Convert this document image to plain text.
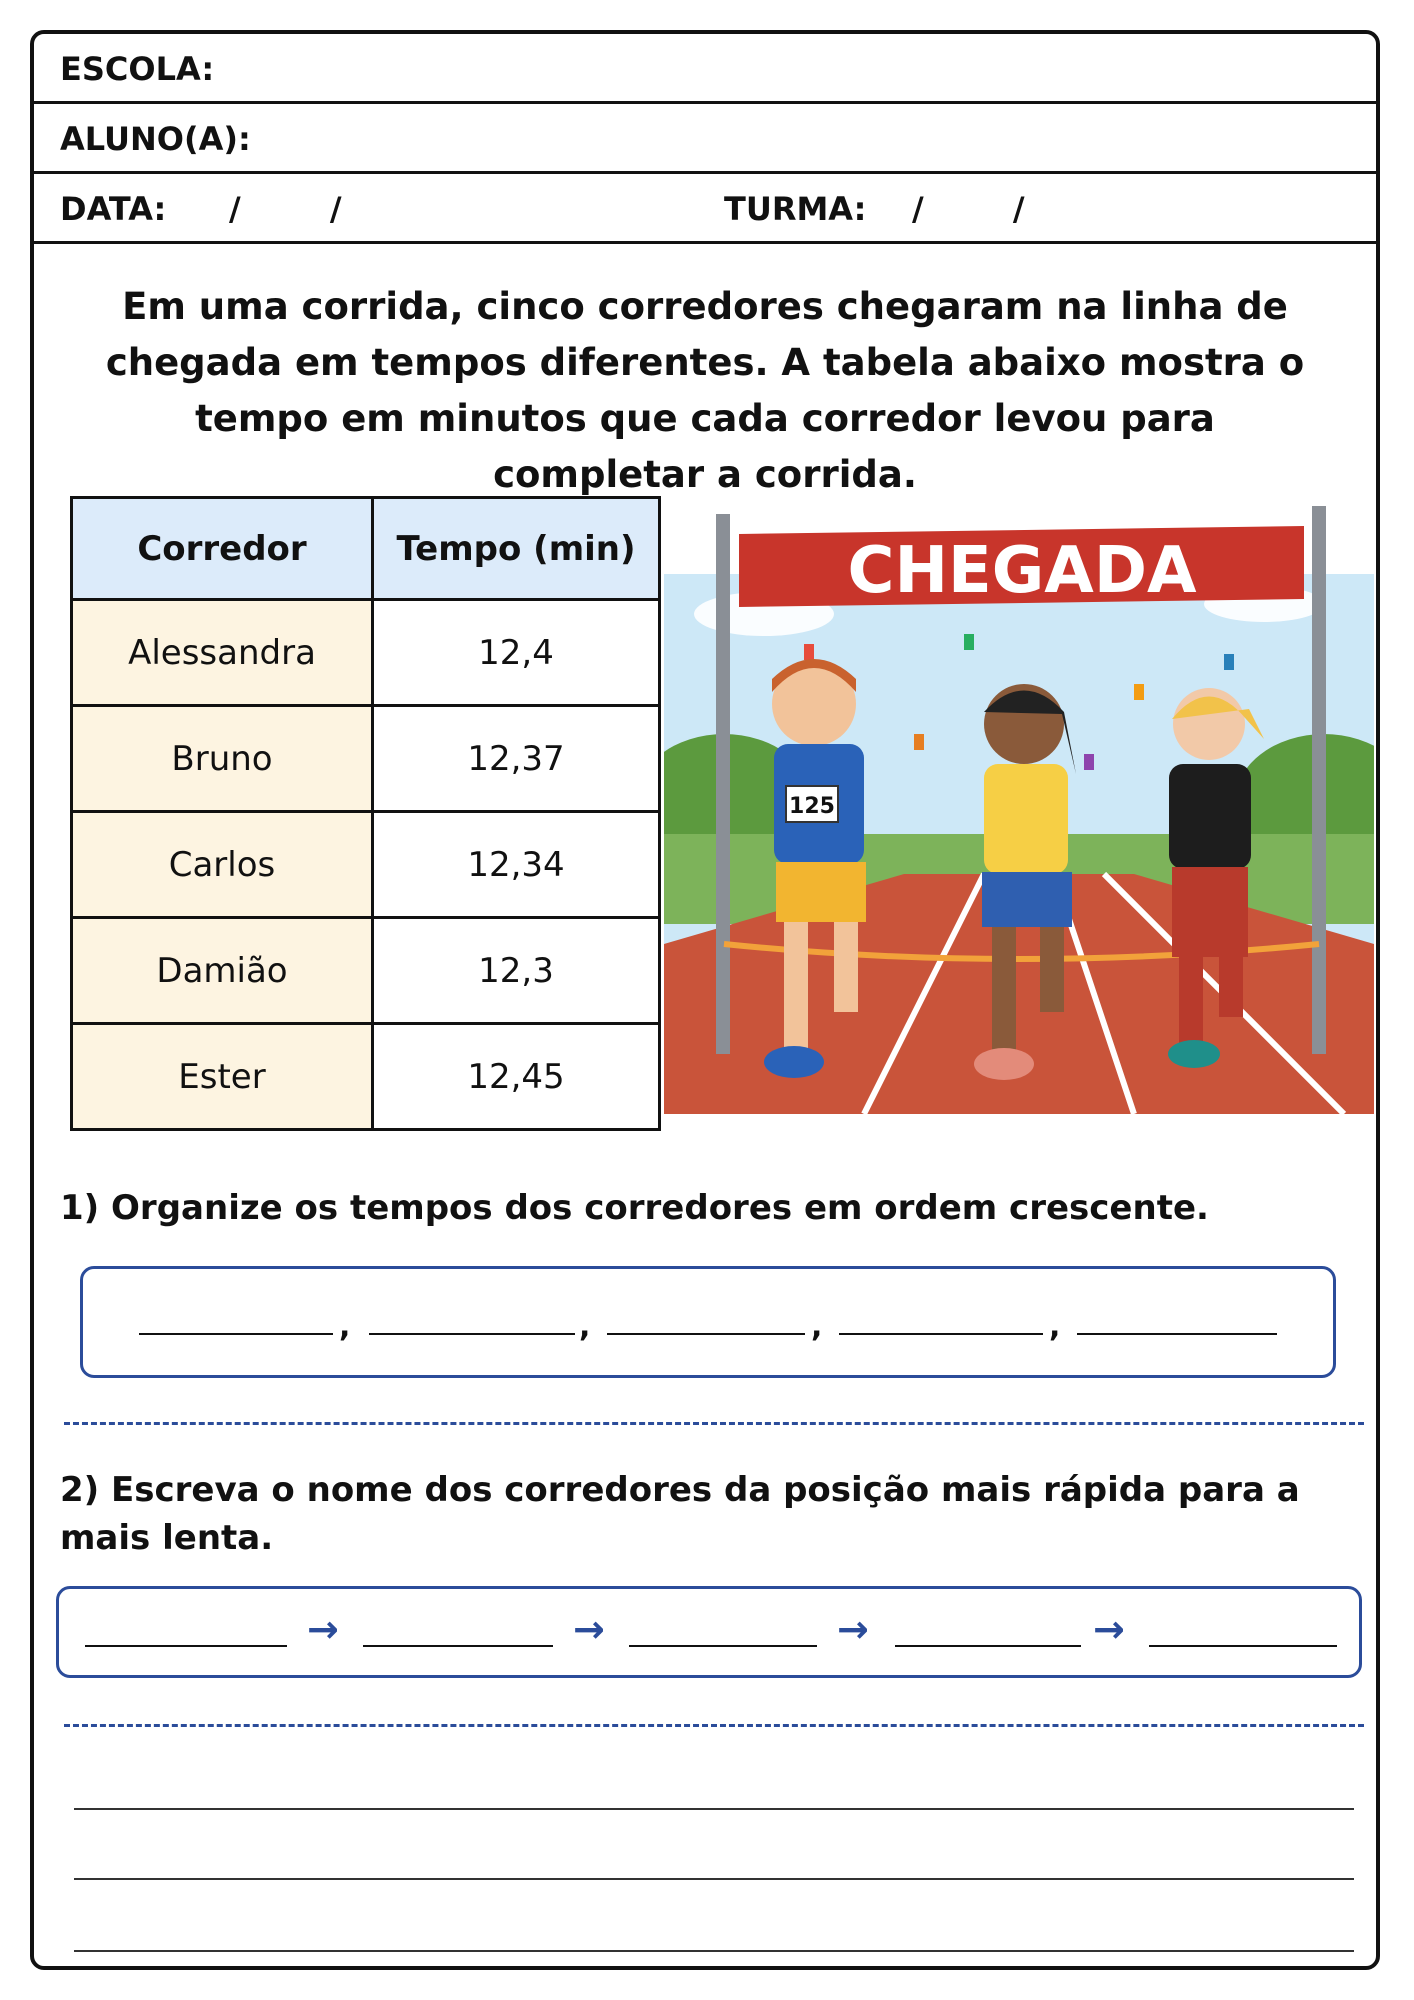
ESCOLA:
ALUNO(A):
DATA: /        /	TURMA: /        /
Em uma corrida, cinco corredores chegaram na linha de chegada em tempos diferentes. A tabela abaixo mostra o tempo em minutos que cada corredor levou para completar a corrida.
Corredor	Tempo (min)
Alessandra	12,4
Bruno	12,37
Carlos	12,34
Damião	12,3
Ester	12,45
CHEGADA
125
1) Organize os tempos dos corredores em ordem crescente.
,	,	,	,
2) Escreva o nome dos corredores da posição mais rápida para a mais lenta.
→	→	→	→
